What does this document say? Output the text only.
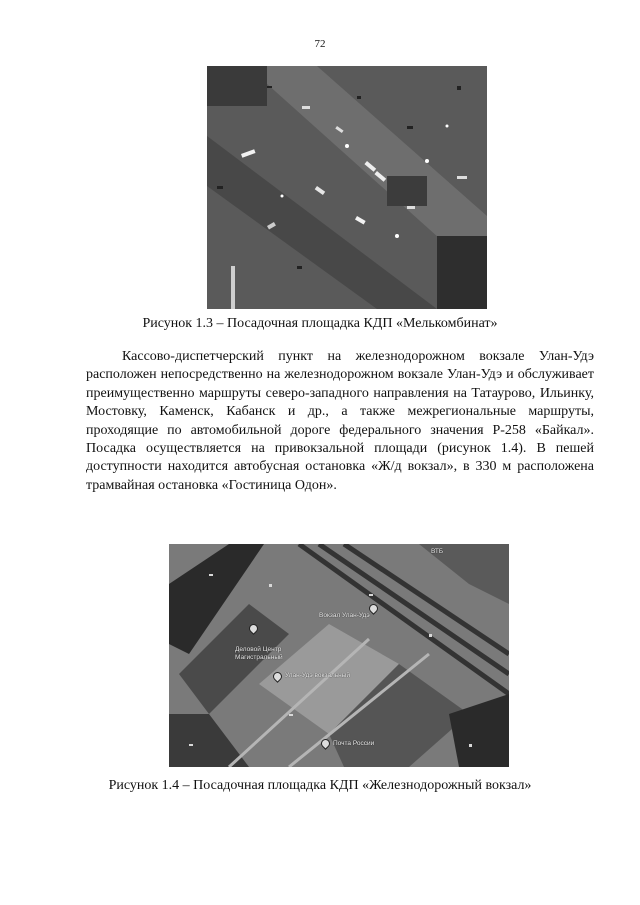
72
Рисунок 1.3 – Посадочная площадка КДП «Мелькомбинат»

Кассово-диспетчерский пункт на железнодорожном вокзале Улан-Удэ расположен непосредственно на железнодорожном вокзале Улан-Удэ и обслуживает преимущественно маршруты северо-западного направления на Татаурово, Ильинку, Мостовку, Каменск, Кабанск и др., а также межрегиональные маршруты, проходящие по автомобильной дороге федерального значения Р-258 «Байкал». Посадка осуществляется на привокзальной площади (рисунок 1.4). В пешей доступности находится автобусная остановка «Ж/д вокзал», в 330 м расположена трамвайная остановка «Гостиница Одон».

Вокзал Улан-Удэ
ВТБ
Деловой Центр Магистральный
Улан-Удэ вокзальный
Почта России
Рисунок 1.4 – Посадочная площадка КДП «Железнодорожный вокзал»
